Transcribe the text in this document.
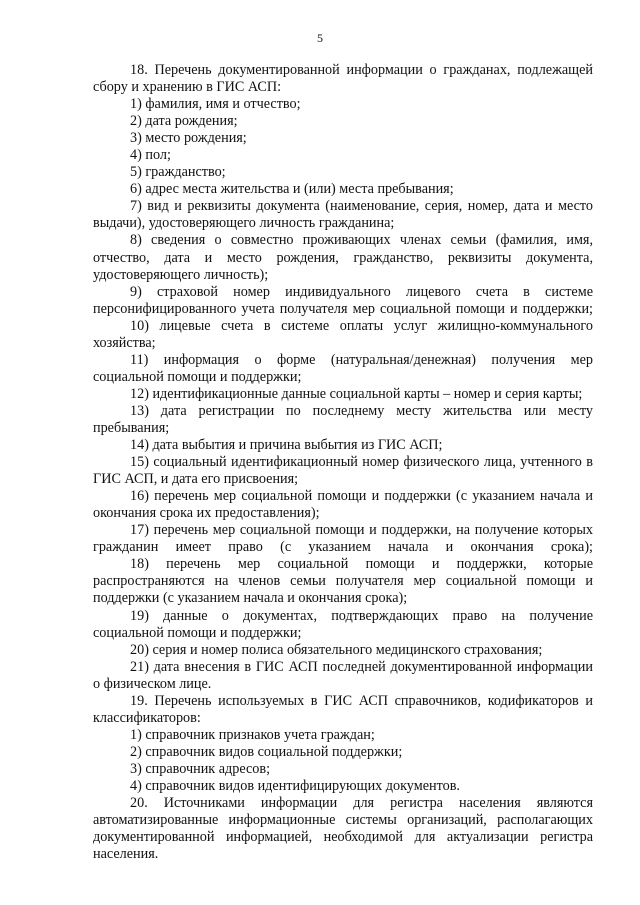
5

18. Перечень документированной информации о гражданах, подлежащей сбору и хранению в ГИС АСП:

1) фамилия, имя и отчество;

2) дата рождения;

3) место рождения;

4) пол;

5) гражданство;

6) адрес места жительства и (или) места пребывания;

7) вид и реквизиты документа (наименование, серия, номер, дата и место выдачи), удостоверяющего личность гражданина;

8) сведения о совместно проживающих членах семьи (фамилия, имя, отчество, дата и место рождения, гражданство, реквизиты документа, удостоверяющего личность);

9) страховой номер индивидуального лицевого счета в системе персонифицированного учета получателя мер социальной помощи и поддержки;

10) лицевые счета в системе оплаты услуг жилищно-коммунального хозяйства;

11) информация о форме (натуральная/денежная) получения мер социальной помощи и поддержки;

12) идентификационные данные социальной карты – номер и серия карты;

13) дата регистрации по последнему месту жительства или месту пребывания;

14) дата выбытия и причина выбытия из ГИС АСП;

15) социальный идентификационный номер физического лица, учтенного в ГИС АСП, и дата его присвоения;

16) перечень мер социальной помощи и поддержки (с указанием начала и окончания срока их предоставления);

17) перечень мер социальной помощи и поддержки, на получение которых гражданин имеет право (с указанием начала и окончания срока);

18) перечень мер социальной помощи и поддержки, которые распространяются на членов семьи получателя мер социальной помощи и поддержки (с указанием начала и окончания срока);

19) данные о документах, подтверждающих право на получение социальной помощи и поддержки;

20) серия и номер полиса обязательного медицинского страхования;

21) дата внесения в ГИС АСП последней документированной информации о физическом лице.

19. Перечень используемых в ГИС АСП справочников, кодификаторов и классификаторов:

1) справочник признаков учета граждан;

2) справочник видов социальной поддержки;

3) справочник адресов;

4) справочник видов идентифицирующих документов.

20. Источниками информации для регистра населения являются автоматизированные информационные системы организаций, располагающих документированной информацией, необходимой для актуализации регистра населения.
